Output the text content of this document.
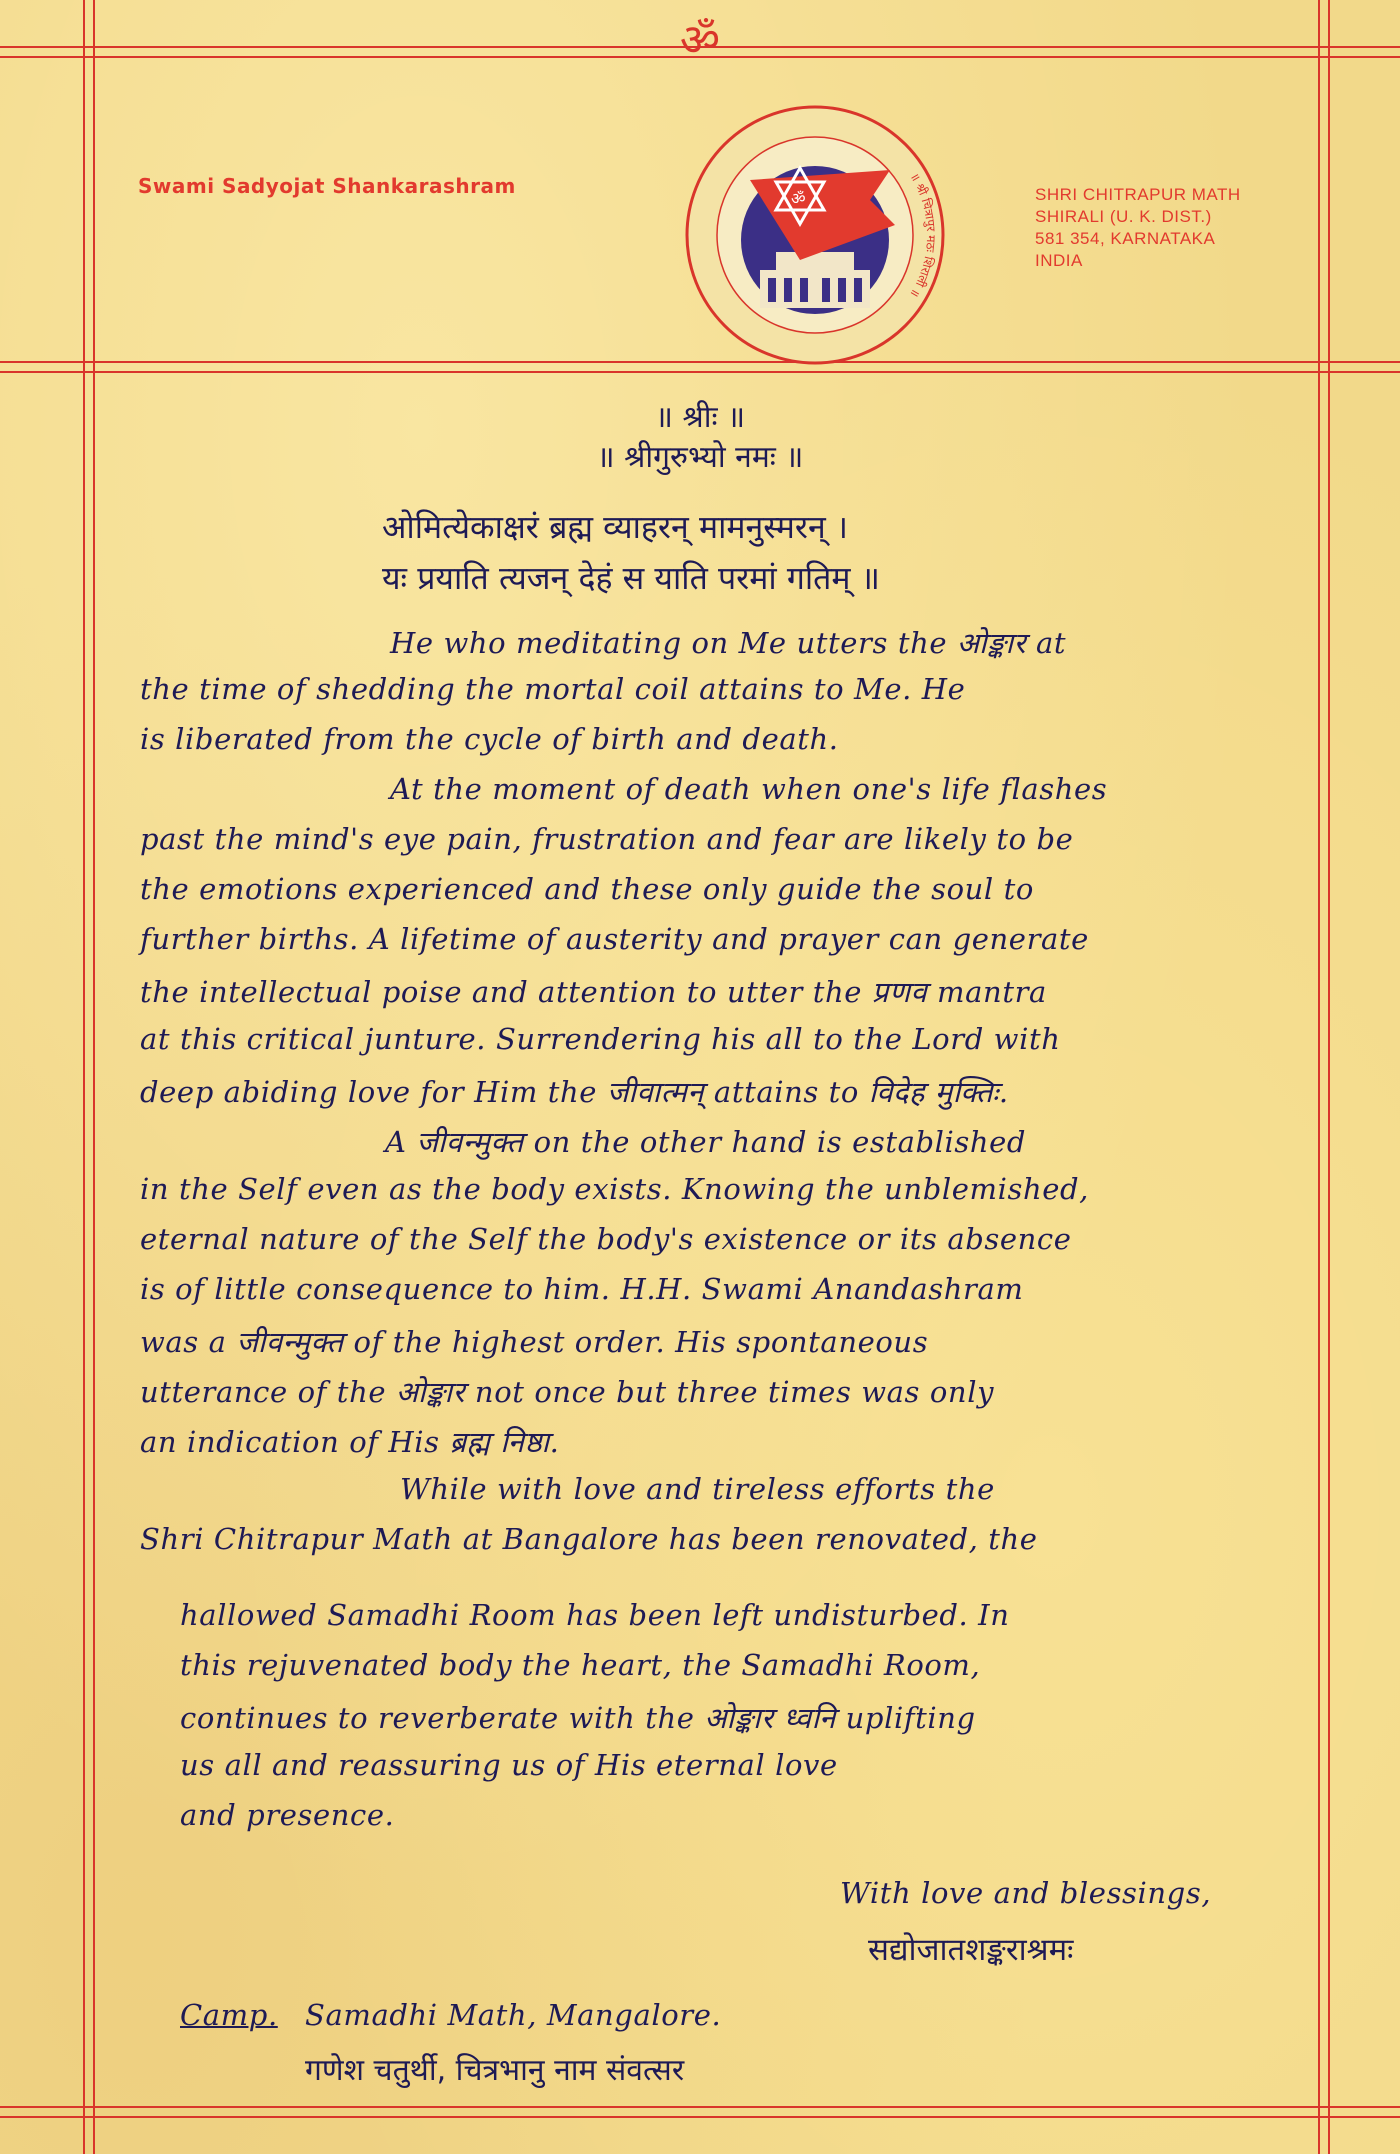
ॐ
Swami Sadyojat Shankarashram	SHRI CHITRAPUR MATH
SHIRALI (U. K. DIST.)
581 354, KARNATAKA
INDIA
ॐ
॥ श्री चित्रापुर मठः शिराली ॥
॥ श्रीः ॥
॥ श्रीगुरुभ्यो नमः ॥
ओमित्येकाक्षरं ब्रह्म व्याहरन् मामनुस्मरन् ।
यः प्रयाति त्यजन् देहं स याति परमां गतिम् ॥
He who meditating on Me utters the ओङ्कार at
the time of shedding the mortal coil attains to Me. He
is liberated from the cycle of birth and death.
At the moment of death when one's life flashes
past the mind's eye pain, frustration and fear are likely to be
the emotions experienced and these only guide the soul to
further births. A lifetime of austerity and prayer can generate
the intellectual poise and attention to utter the प्रणव mantra
at this critical junture. Surrendering his all to the Lord with
deep abiding love for Him the जीवात्मन् attains to विदेह मुक्तिः.
A जीवन्मुक्त on the other hand is established
in the Self even as the body exists. Knowing the unblemished,
eternal nature of the Self the body's existence or its absence
is of little consequence to him. H.H. Swami Anandashram
was a जीवन्मुक्त of the highest order. His spontaneous
utterance of the ओङ्कार not once but three times was only
an indication of His ब्रह्म निष्ठा.
While with love and tireless efforts the
Shri Chitrapur Math at Bangalore has been renovated, the
hallowed Samadhi Room has been left undisturbed. In
this rejuvenated body the heart, the Samadhi Room,
continues to reverberate with the ओङ्कार ध्वनि uplifting
us all and reassuring us of His eternal love
and presence.
With love and blessings,
सद्योजातशङ्कराश्रमः
Camp. Samadhi Math, Mangalore.
गणेश चतुर्थी, चित्रभानु नाम संवत्सर
